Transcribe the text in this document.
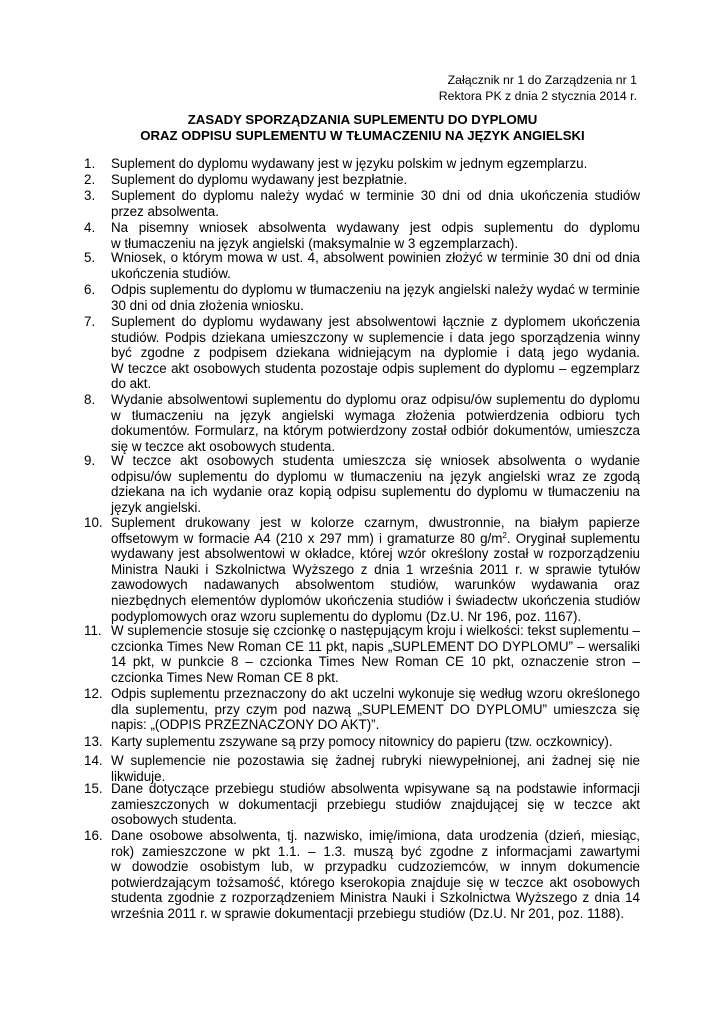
Załącznik nr 1 do Zarządzenia nr 1
Rektora PK z dnia 2 stycznia 2014 r.
ZASADY SPORZĄDZANIA SUPLEMENTU DO DYPLOMU
ORAZ ODPISU SUPLEMENTU W TŁUMACZENIU NA JĘZYK ANGIELSKI
1.	Suplement do dyplomu wydawany jest w języku polskim w jednym egzemplarzu.
2.	Suplement do dyplomu wydawany jest bezpłatnie.
3.	Suplement do dyplomu należy wydać w terminie 30 dni od dnia ukończenia studiów
przez absolwenta.
4.	Na pisemny wniosek absolwenta wydawany jest odpis suplementu do dyplomu
w tłumaczeniu na język angielski (maksymalnie w 3 egzemplarzach).
5.	Wniosek, o którym mowa w ust. 4, absolwent powinien złożyć w terminie 30 dni od dnia
ukończenia studiów.
6.	Odpis suplementu do dyplomu w tłumaczeniu na język angielski należy wydać w terminie
30 dni od dnia złożenia wniosku.
7.	Suplement do dyplomu wydawany jest absolwentowi łącznie z dyplomem ukończenia
studiów. Podpis dziekana umieszczony w suplemencie i data jego sporządzenia winny
być zgodne z podpisem dziekana widniejącym na dyplomie i datą jego wydania.
W teczce akt osobowych studenta pozostaje odpis suplement do dyplomu – egzemplarz
do akt.
8.	Wydanie absolwentowi suplementu do dyplomu oraz odpisu/ów suplementu do dyplomu
w tłumaczeniu na język angielski wymaga złożenia potwierdzenia odbioru tych
dokumentów. Formularz, na którym potwierdzony został odbiór dokumentów, umieszcza
się w teczce akt osobowych studenta.
9.	W teczce akt osobowych studenta umieszcza się wniosek absolwenta o wydanie
odpisu/ów suplementu do dyplomu w tłumaczeniu na język angielski wraz ze zgodą
dziekana na ich wydanie oraz kopią odpisu suplementu do dyplomu w tłumaczeniu na
język angielski.
10. Suplement drukowany jest w kolorze czarnym, dwustronnie, na białym papierze
offsetowym w formacie A4 (210 x 297 mm) i gramaturze 80 $g/m^2$. Oryginał suplementu
wydawany jest absolwentowi w okładce, której wzór określony został w rozporządzeniu
Ministra Nauki i Szkolnictwa Wyższego z dnia 1 września 2011 r. w sprawie tytułów
zawodowych nadawanych absolwentom studiów, warunków wydawania oraz
niezbędnych elementów dyplomów ukończenia studiów i świadectw ukończenia studiów
podyplomowych oraz wzoru suplementu do dyplomu (Dz.U. Nr 196, poz. 1167).
11. W suplemencie stosuje się czcionkę o następującym kroju i wielkości: tekst suplementu –
czcionka Times New Roman CE 11 pkt, napis „SUPLEMENT DO DYPLOMU” – wersaliki
14 pkt, w punkcie 8 – czcionka Times New Roman CE 10 pkt, oznaczenie stron –
czcionka Times New Roman CE 8 pkt.
12. Odpis suplementu przeznaczony do akt uczelni wykonuje się według wzoru określonego
dla suplementu, przy czym pod nazwą „SUPLEMENT DO DYPLOMU” umieszcza się
napis: „(ODPIS PRZEZNACZONY DO AKT)”.
13. Karty suplementu zszywane są przy pomocy nitownicy do papieru (tzw. oczkownicy).
14. W suplemencie nie pozostawia się żadnej rubryki niewypełnionej, ani żadnej się nie
likwiduje.
15. Dane dotyczące przebiegu studiów absolwenta wpisywane są na podstawie informacji
zamieszczonych w dokumentacji przebiegu studiów znajdującej się w teczce akt
osobowych studenta.
16. Dane osobowe absolwenta, tj. nazwisko, imię/imiona, data urodzenia (dzień, miesiąc,
rok) zamieszczone w pkt 1.1. – 1.3. muszą być zgodne z informacjami zawartymi
w dowodzie osobistym lub, w przypadku cudzoziemców, w innym dokumencie
potwierdzającym tożsamość, którego kserokopia znajduje się w teczce akt osobowych
studenta zgodnie z rozporządzeniem Ministra Nauki i Szkolnictwa Wyższego z dnia 14
września 2011 r. w sprawie dokumentacji przebiegu studiów (Dz.U. Nr 201, poz. 1188).
